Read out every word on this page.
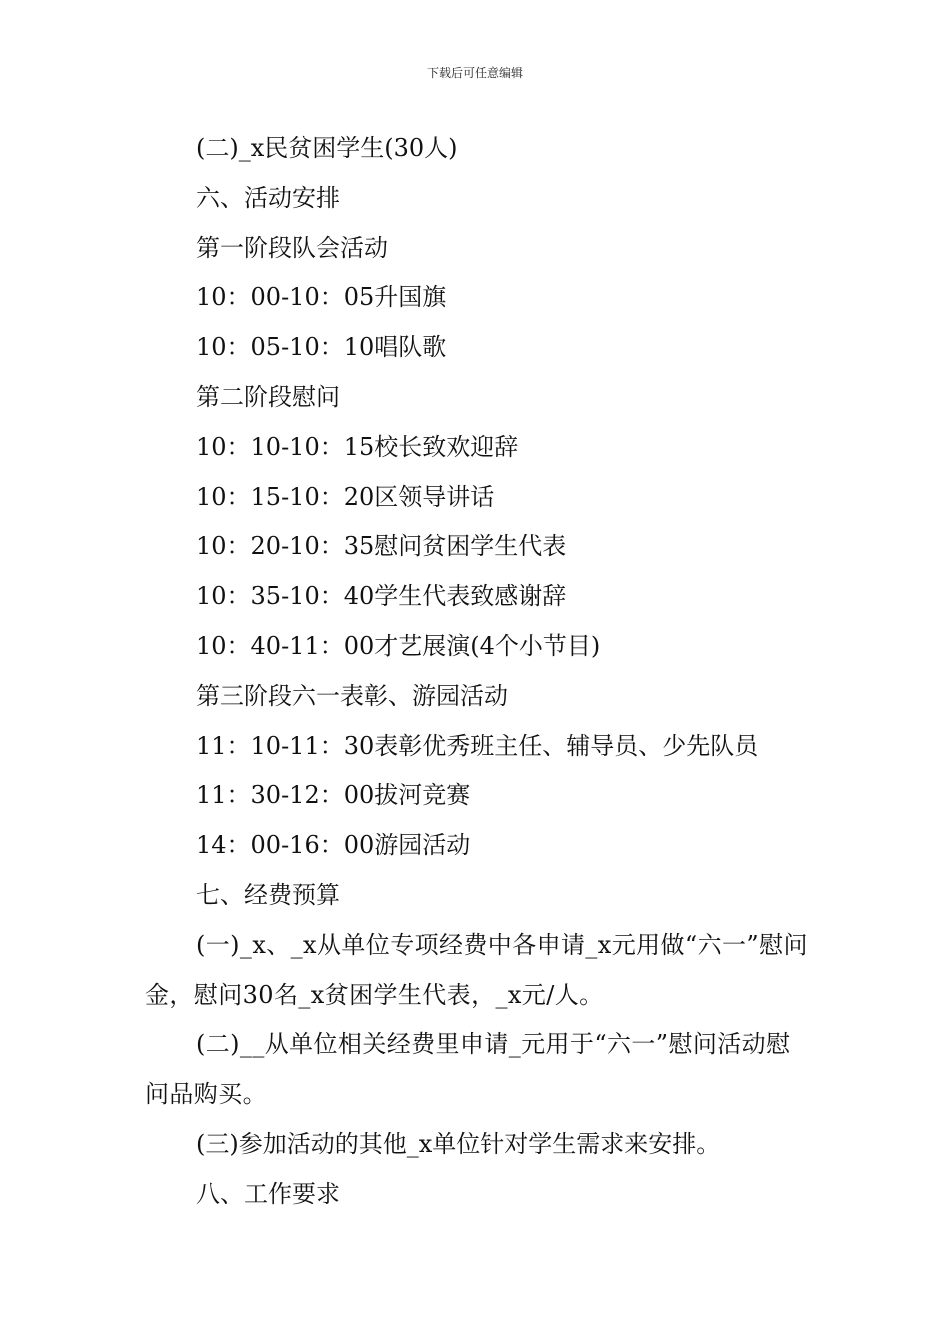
下载后可任意编辑
(二)_x民贫困学生(30人)
六、活动安排
第一阶段队会活动
10：00-10：05升国旗
10：05-10：10唱队歌
第二阶段慰问
10：10-10：15校长致欢迎辞
10：15-10：20区领导讲话
10：20-10：35慰问贫困学生代表
10：35-10：40学生代表致感谢辞
10：40-11：00才艺展演(4个小节目)
第三阶段六一表彰、游园活动
11：10-11：30表彰优秀班主任、辅导员、少先队员
11：30-12：00拔河竞赛
14：00-16：00游园活动
七、经费预算
(一)_x、_x从单位专项经费中各申请_x元用做“六一”慰问金，慰问30名_x贫困学生代表，_x元/人。
(二)__从单位相关经费里申请_元用于“六一”慰问活动慰问品购买。
(三)参加活动的其他_x单位针对学生需求来安排。
八、工作要求
